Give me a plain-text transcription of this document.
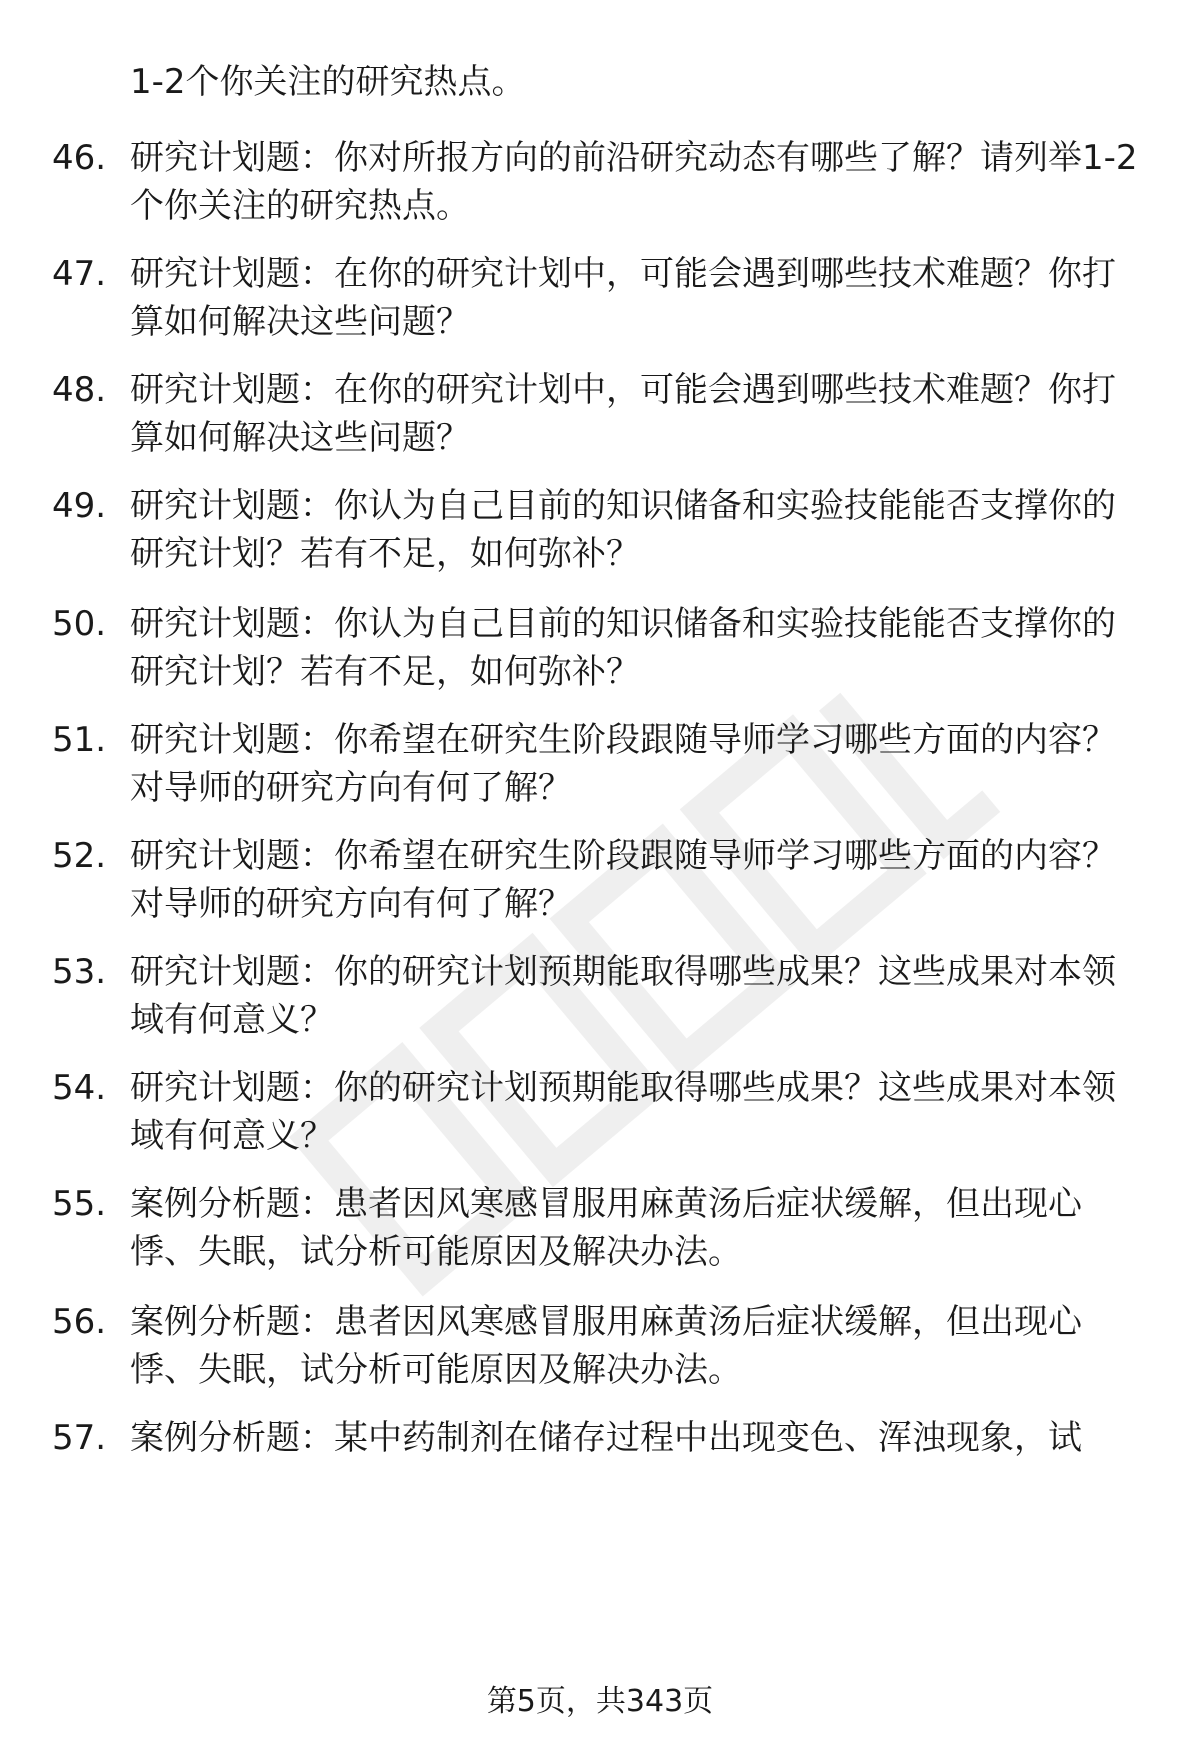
1-2个你关注的研究热点。

46. 研究计划题：你对所报方向的前沿研究动态有哪些了解？请列举1-2个你关注的研究热点。
47. 研究计划题：在你的研究计划中，可能会遇到哪些技术难题？你打算如何解决这些问题？
48. 研究计划题：在你的研究计划中，可能会遇到哪些技术难题？你打算如何解决这些问题？
49. 研究计划题：你认为自己目前的知识储备和实验技能能否支撑你的研究计划？若有不足，如何弥补？
50. 研究计划题：你认为自己目前的知识储备和实验技能能否支撑你的研究计划？若有不足，如何弥补？
51. 研究计划题：你希望在研究生阶段跟随导师学习哪些方面的内容？对导师的研究方向有何了解？
52. 研究计划题：你希望在研究生阶段跟随导师学习哪些方面的内容？对导师的研究方向有何了解？
53. 研究计划题：你的研究计划预期能取得哪些成果？这些成果对本领域有何意义？
54. 研究计划题：你的研究计划预期能取得哪些成果？这些成果对本领域有何意义？
55. 案例分析题：患者因风寒感冒服用麻黄汤后症状缓解，但出现心悸、失眠，试分析可能原因及解决办法。
56. 案例分析题：患者因风寒感冒服用麻黄汤后症状缓解，但出现心悸、失眠，试分析可能原因及解决办法。
57. 案例分析题：某中药制剂在储存过程中出现变色、浑浊现象，试
第5页，共343页
